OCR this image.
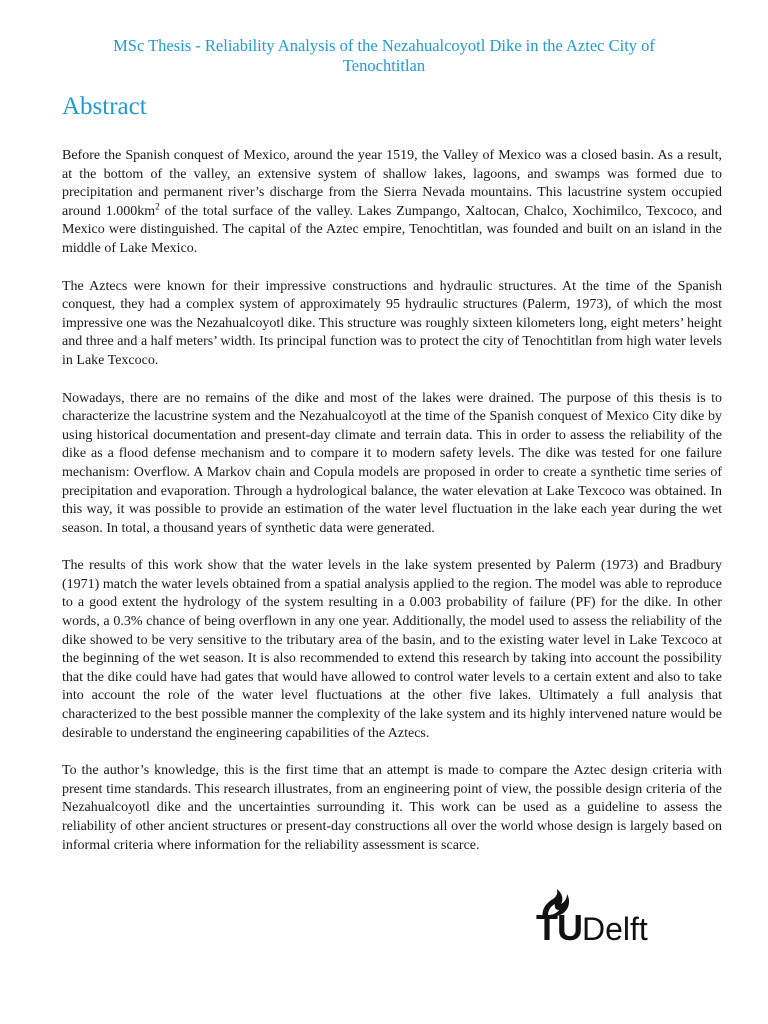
MSc Thesis - Reliability Analysis of the Nezahualcoyotl Dike in the Aztec City of
Tenochtitlan
Abstract

Before the Spanish conquest of Mexico, around the year 1519, the Valley of Mexico was a closed basin. As a result, at the bottom of the valley, an extensive system of shallow lakes, lagoons, and swamps was formed due to precipitation and permanent river’s discharge from the Sierra Nevada mountains. This lacustrine system occupied around $1.000km^2$ of the total surface of the valley. Lakes Zumpango, Xaltocan, Chalco, Xochimilco, Texcoco, and Mexico were distinguished. The capital of the Aztec empire, Tenochtitlan, was founded and built on an island in the middle of Lake Mexico.

The Aztecs were known for their impressive constructions and hydraulic structures. At the time of the Spanish conquest, they had a complex system of approximately 95 hydraulic structures (Palerm, 1973), of which the most impressive one was the Nezahualcoyotl dike. This structure was roughly sixteen kilometers long, eight meters’ height and three and a half meters’ width. Its principal function was to protect the city of Tenochtitlan from high water levels in Lake Texcoco.

Nowadays, there are no remains of the dike and most of the lakes were drained. The purpose of this thesis is to characterize the lacustrine system and the Nezahualcoyotl at the time of the Spanish conquest of Mexico City dike by using historical documentation and present-day climate and terrain data. This in order to assess the reliability of the dike as a flood defense mechanism and to compare it to modern safety levels. The dike was tested for one failure mechanism: Overflow. A Markov chain and Copula models are proposed in order to create a synthetic time series of precipitation and evaporation. Through a hydrological balance, the water elevation at Lake Texcoco was obtained. In this way, it was possible to provide an estimation of the water level fluctuation in the lake each year during the wet season. In total, a thousand years of synthetic data were generated.

The results of this work show that the water levels in the lake system presented by Palerm (1973) and Bradbury (1971) match the water levels obtained from a spatial analysis applied to the region. The model was able to reproduce to a good extent the hydrology of the system resulting in a 0.003 probability of failure (PF) for the dike. In other words, a 0.3% chance of being overflown in any one year. Additionally, the model used to assess the reliability of the dike showed to be very sensitive to the tributary area of the basin, and to the existing water level in Lake Texcoco at the beginning of the wet season. It is also recommended to extend this research by taking into account the possibility that the dike could have had gates that would have allowed to control water levels to a certain extent and also to take into account the role of the water level fluctuations at the other five lakes. Ultimately a full analysis that characterized to the best possible manner the complexity of the lake system and its highly intervened nature would be desirable to understand the engineering capabilities of the Aztecs.

To the author’s knowledge, this is the first time that an attempt is made to compare the Aztec design criteria with present time standards. This research illustrates, from an engineering point of view, the possible design criteria of the Nezahualcoyotl dike and the uncertainties surrounding it. This work can be used as a guideline to assess the reliability of other ancient structures or present-day constructions all over the world whose design is largely based on informal criteria where information for the reliability assessment is scarce.

TUDelft
